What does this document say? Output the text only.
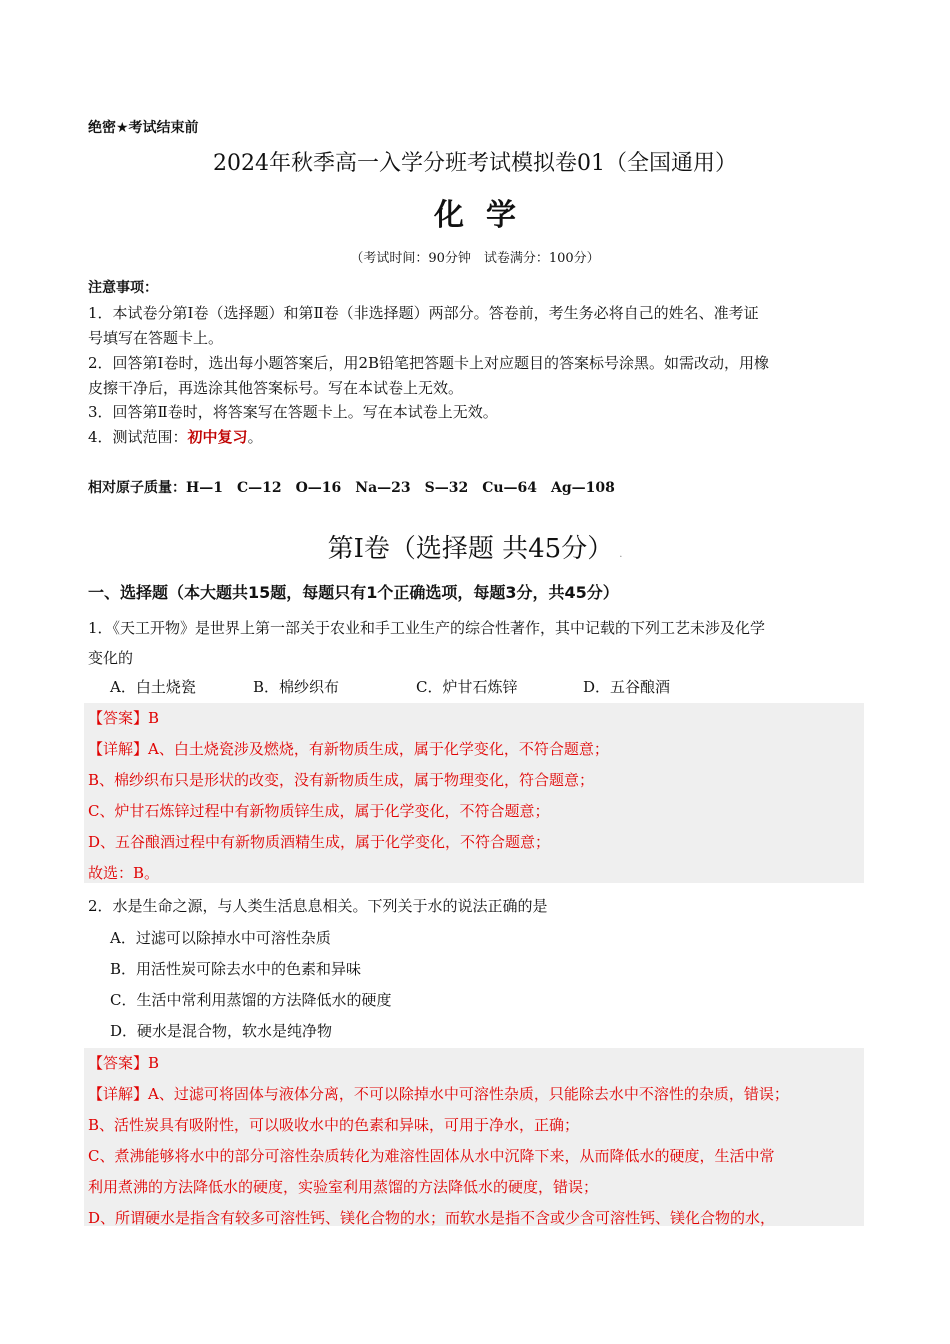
绝密★考试结束前
2024年秋季高一入学分班考试模拟卷01（全国通用）
化学
（考试时间：90分钟　试卷满分：100分）
注意事项：
1．本试卷分第Ⅰ卷（选择题）和第Ⅱ卷（非选择题）两部分。答卷前，考生务必将自己的姓名、准考证
号填写在答题卡上。
2．回答第Ⅰ卷时，选出每小题答案后，用2B铅笔把答题卡上对应题目的答案标号涂黑。如需改动，用橡
皮擦干净后，再选涂其他答案标号。写在本试卷上无效。
3．回答第Ⅱ卷时，将答案写在答题卡上。写在本试卷上无效。
4．测试范围：初中复习。
相对原子质量：H—1　C—12　O—16　Na—23　S—32　Cu—64　Ag—108
第Ⅰ卷（选择题 共45分） .
一、选择题（本大题共15题，每题只有1个正确选项，每题3分，共45分）
1．《天工开物》是世界上第一部关于农业和手工业生产的综合性著作，其中记载的下列工艺未涉及化学
变化的
A．白土烧瓷	B．棉纱织布	C．炉甘石炼锌	D．五谷酿酒
【答案】B
【详解】A、白土烧瓷涉及燃烧，有新物质生成，属于化学变化，不符合题意；
B、棉纱织布只是形状的改变，没有新物质生成，属于物理变化，符合题意；
C、炉甘石炼锌过程中有新物质锌生成，属于化学变化，不符合题意；
D、五谷酿酒过程中有新物质酒精生成，属于化学变化，不符合题意；
故选：B。
2．水是生命之源，与人类生活息息相关。下列关于水的说法正确的是
A．过滤可以除掉水中可溶性杂质
B．用活性炭可除去水中的色素和异味
C．生活中常利用蒸馏的方法降低水的硬度
D．硬水是混合物，软水是纯净物
【答案】B
【详解】A、过滤可将固体与液体分离，不可以除掉水中可溶性杂质，只能除去水中不溶性的杂质，错误；
B、活性炭具有吸附性，可以吸收水中的色素和异味，可用于净水，正确；
C、煮沸能够将水中的部分可溶性杂质转化为难溶性固体从水中沉降下来，从而降低水的硬度，生活中常
利用煮沸的方法降低水的硬度，实验室利用蒸馏的方法降低水的硬度，错误；
D、所谓硬水是指含有较多可溶性钙、镁化合物的水；而软水是指不含或少含可溶性钙、镁化合物的水，
